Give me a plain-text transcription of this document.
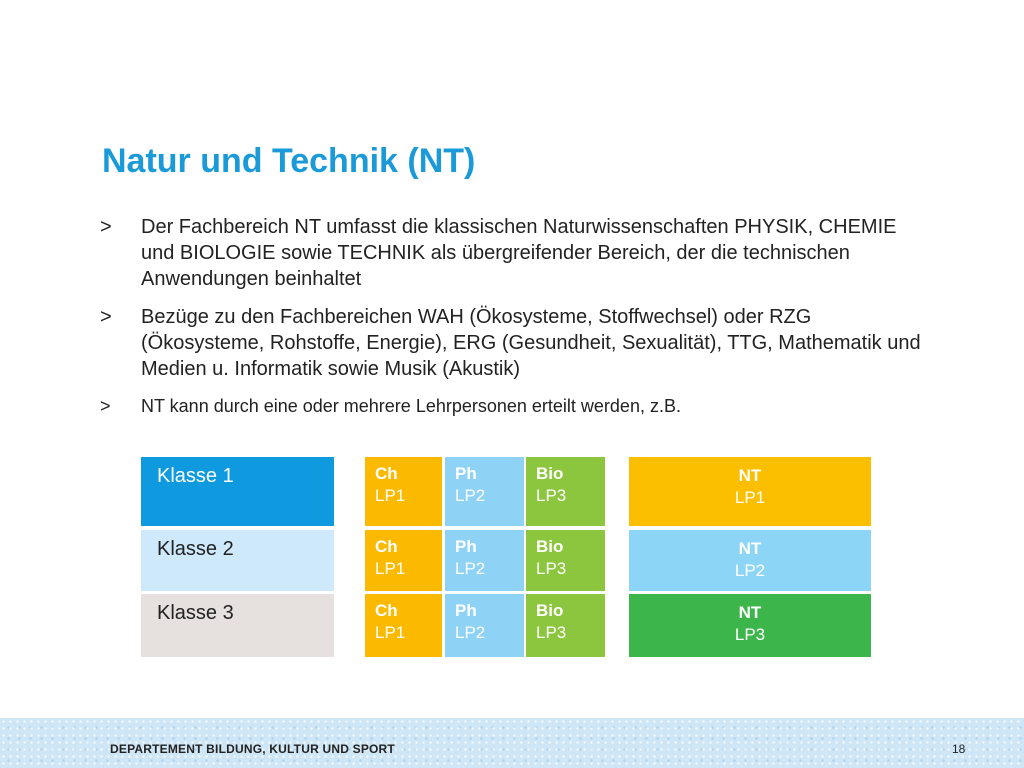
Natur und Technik (NT)
> Der Fachbereich NT umfasst die klassischen Naturwissenschaften PHYSIK, CHEMIE und BIOLOGIE sowie TECHNIK als übergreifender Bereich, der die technischen Anwendungen beinhaltet
> Bezüge zu den Fachbereichen WAH (Ökosysteme, Stoffwechsel) oder RZG (Ökosysteme, Rohstoffe, Energie), ERG (Gesundheit, Sexualität), TTG, Mathematik und Medien u. Informatik sowie Musik (Akustik)
> NT kann durch eine oder mehrere Lehrpersonen erteilt werden, z.B.
Klasse 1
Klasse 2
Klasse 3
Ch
LP1
Ph
LP2
Bio
LP3
Ch
LP1
Ph
LP2
Bio
LP3
Ch
LP1
Ph
LP2
Bio
LP3
NT
LP1
NT
LP2
NT
LP3
DEPARTEMENT BILDUNG, KULTUR UND SPORT	18
